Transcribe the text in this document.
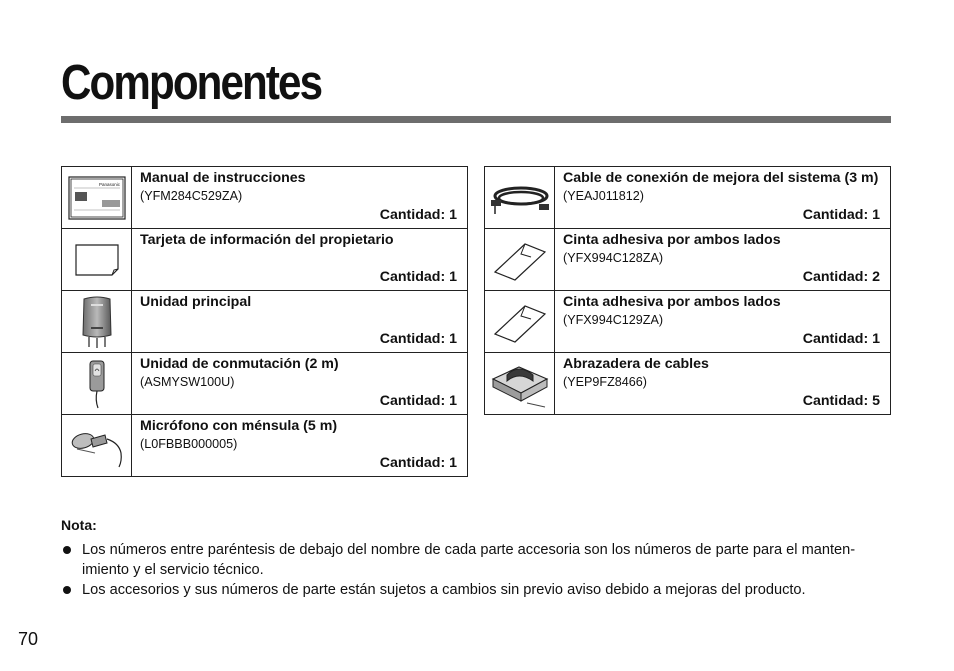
Componentes
Panasonic	Manual de instrucciones
(YFM284C529ZA)
Cantidad: 1

	Tarjeta de información del propietario
Cantidad: 1

	Unidad principal
Cantidad: 1

	Unidad de conmutación (2 m)
(ASMYSW100U)
Cantidad: 1

	Micrófono con ménsula (5 m)
(L0FBBB000005)
Cantidad: 1
	Cable de conexión de mejora del sistema (3 m)(YEAJ011812)
Cantidad: 1

	Cinta adhesiva por ambos lados
(YFX994C128ZA)
Cantidad: 2

	Cinta adhesiva por ambos lados
(YFX994C129ZA)
Cantidad: 1

	Abrazadera de cables
(YEP9FZ8466)
Cantidad: 5
Nota:
Los números entre paréntesis de debajo del nombre de cada parte accesoria son los números de parte para el manten-imiento y el servicio técnico.
Los accesorios y sus números de parte están sujetos a cambios sin previo aviso debido a mejoras del producto.
70
